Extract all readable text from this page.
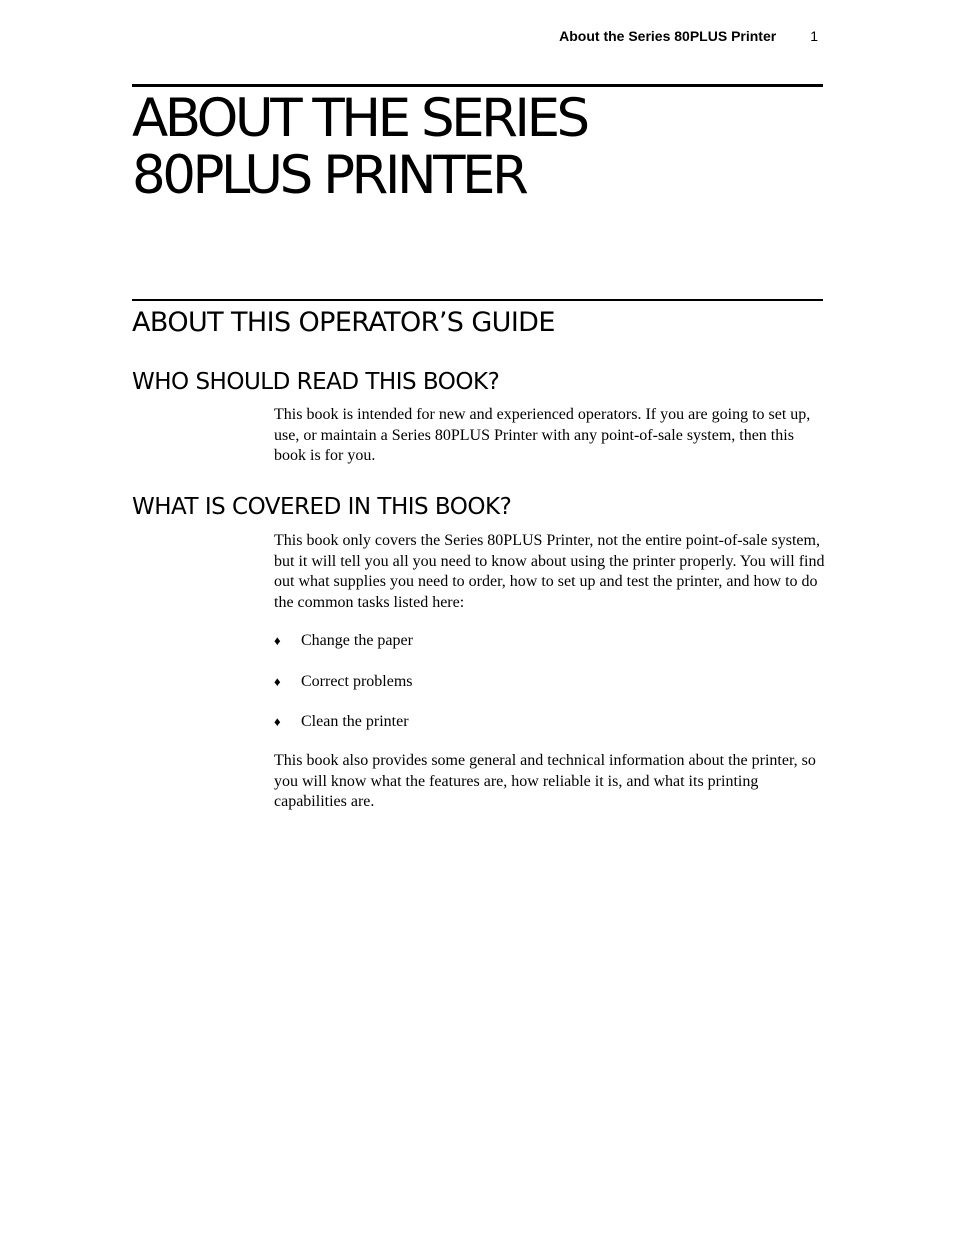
About the Series 80PLUS Printer 1
ABOUT THE SERIES
80PLUS PRINTER
ABOUT THIS OPERATOR’S GUIDE
WHO SHOULD READ THIS BOOK?

This book is intended for new and experienced operators. If you are going to set up, use, or maintain a Series 80PLUS Printer with any point-of-sale system, then this book is for you.

WHAT IS COVERED IN THIS BOOK?

This book only covers the Series 80PLUS Printer, not the entire point-of-sale system, but it will tell you all you need to know about using the printer properly. You will find out what supplies you need to order, how to set up and test the printer, and how to do the common tasks listed here:

♦	Change the paper
♦	Correct problems
♦	Clean the printer

This book also provides some general and technical information about the printer, so you will know what the features are, how reliable it is, and what its printing capabilities are.
